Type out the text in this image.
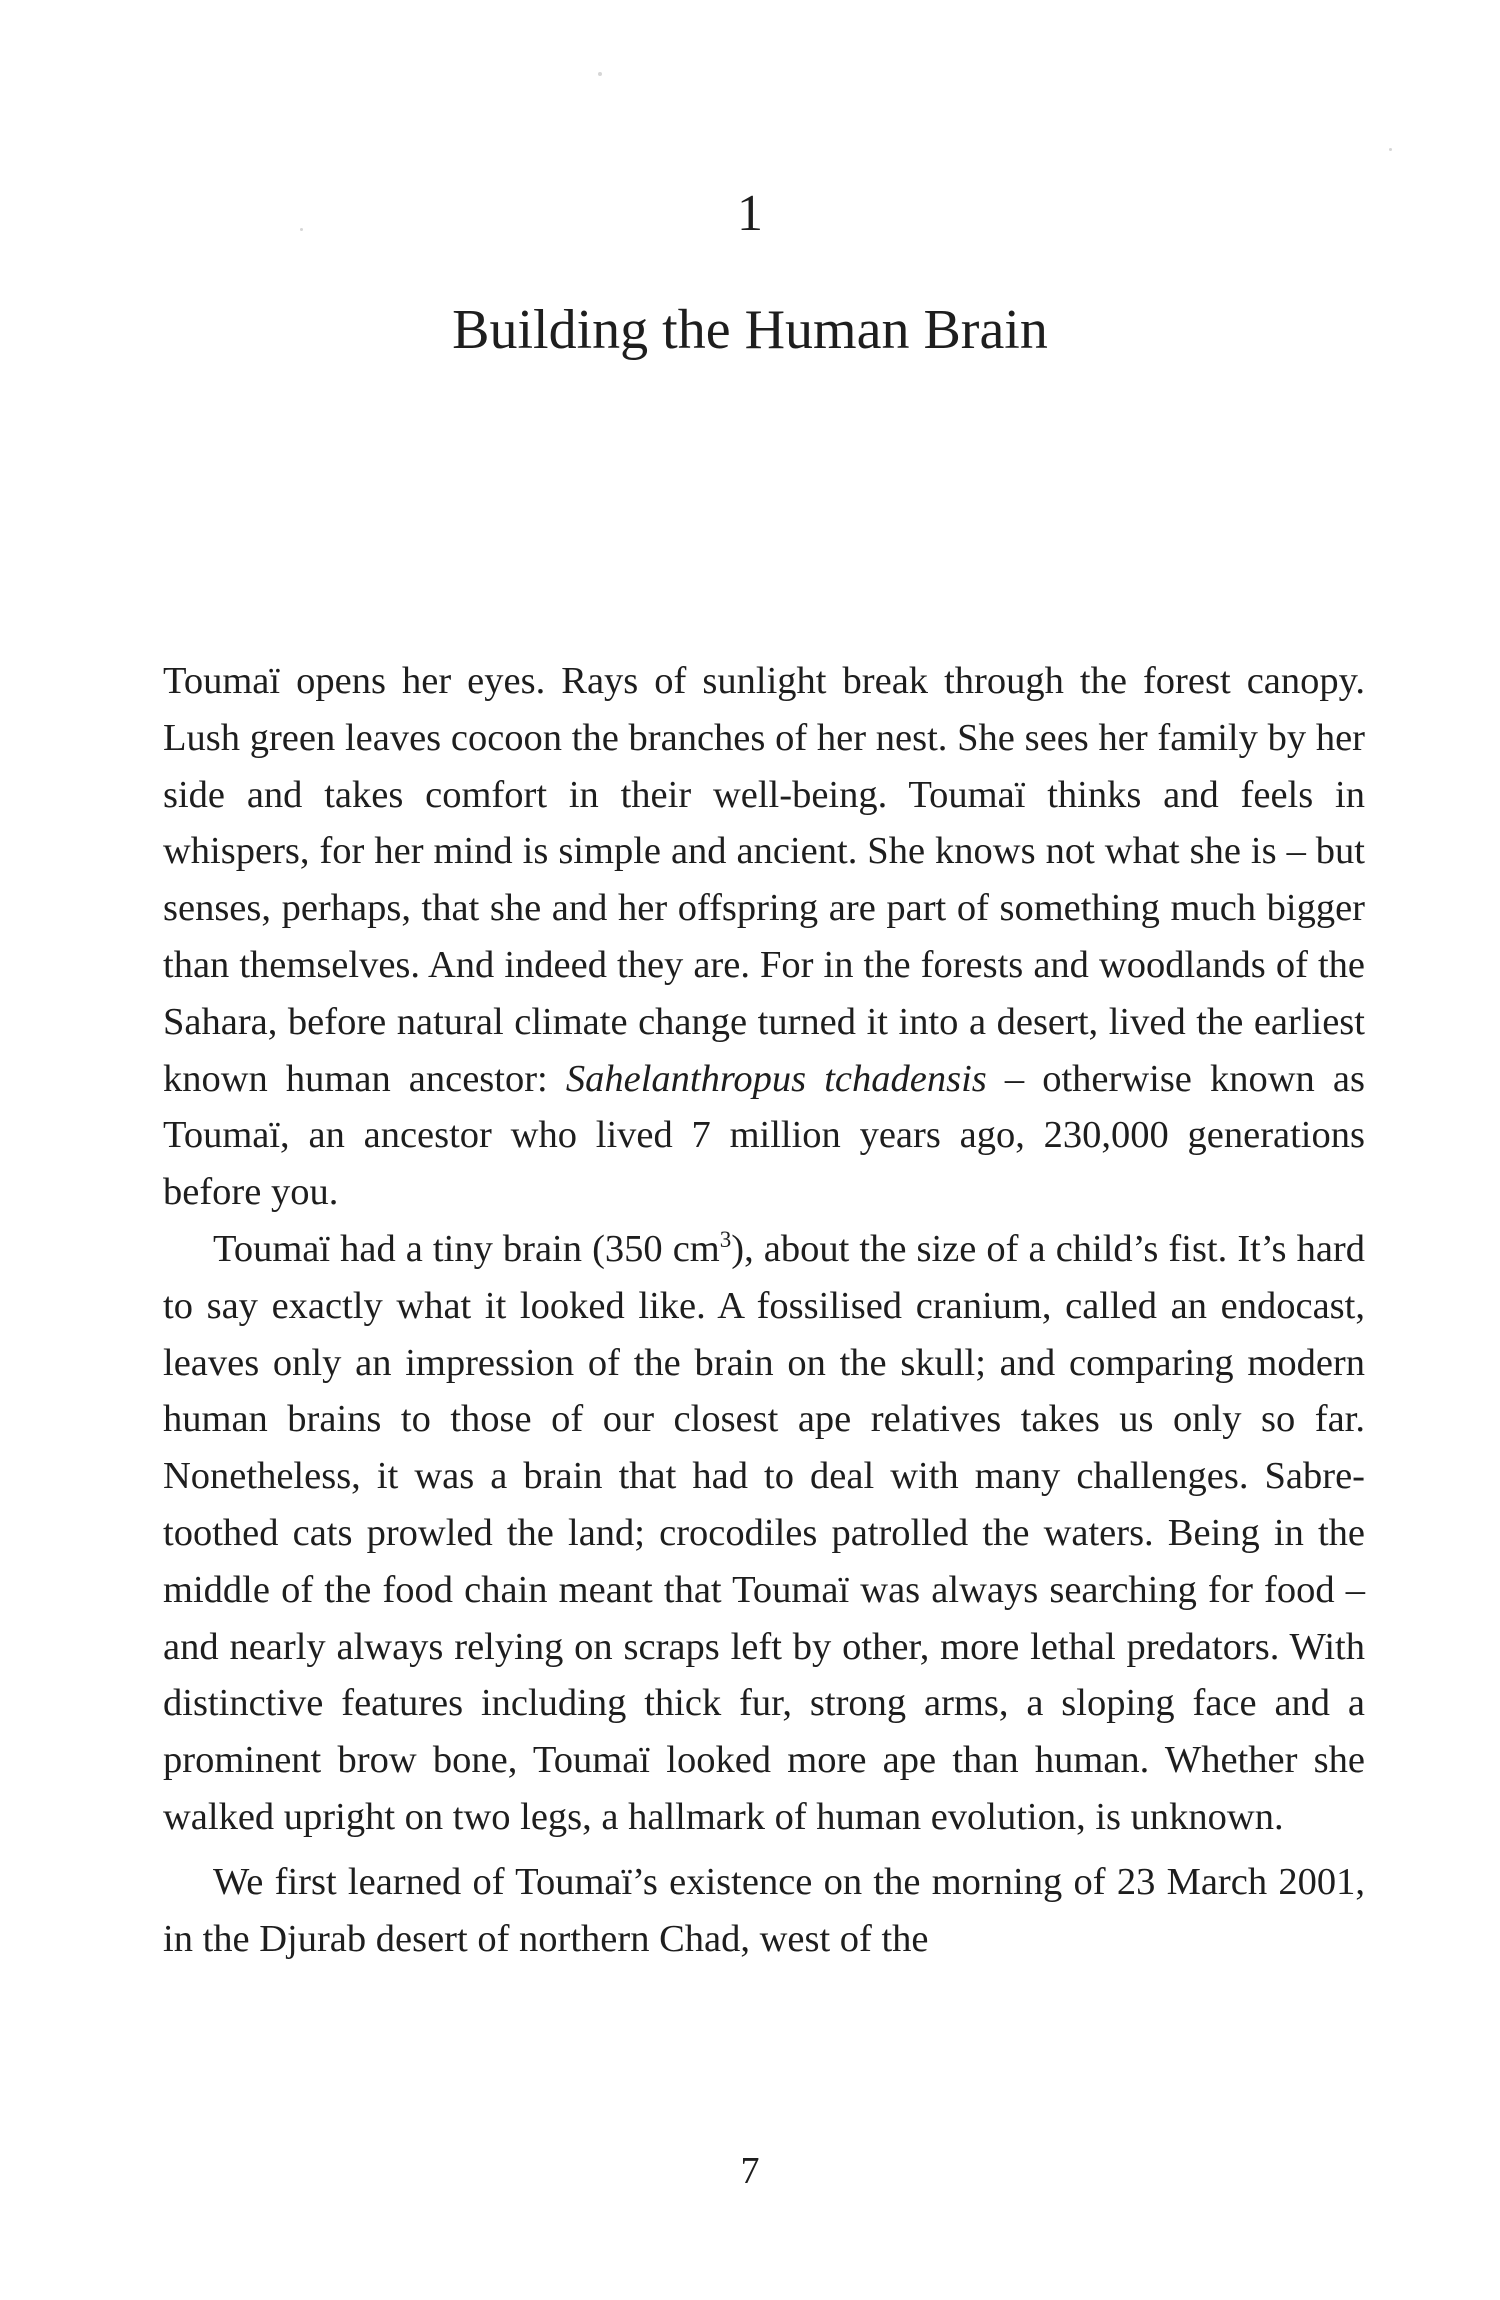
1
Building the Human Brain

Toumaï opens her eyes. Rays of sunlight break through the forest canopy. Lush green leaves cocoon the branches of her nest. She sees her family by her side and takes comfort in their well-being. Toumaï thinks and feels in whispers, for her mind is simple and ancient. She knows not what she is – but senses, perhaps, that she and her offspring are part of something much bigger than themselves. And indeed they are. For in the forests and woodlands of the Sahara, before natural climate change turned it into a desert, lived the earliest known human ancestor: Sahelanthropus tchadensis – otherwise known as Toumaï, an ancestor who lived 7 million years ago, 230,000 generations before you.

Toumaï had a tiny brain (350 $cm^3$), about the size of a child’s fist. It’s hard to say exactly what it looked like. A fossilised cranium, called an endocast, leaves only an impression of the brain on the skull; and comparing modern human brains to those of our closest ape relatives takes us only so far. Nonetheless, it was a brain that had to deal with many challenges. Sabre-toothed cats prowled the land; crocodiles patrolled the waters. Being in the middle of the food chain meant that Toumaï was always searching for food – and nearly always relying on scraps left by other, more lethal predators. With distinctive features including thick fur, strong arms, a sloping face and a prominent brow bone, Toumaï looked more ape than human. Whether she walked upright on two legs, a hallmark of human evolution, is unknown.

We first learned of Toumaï’s existence on the morning of 23 March 2001, in the Djurab desert of northern Chad, west of the

7
